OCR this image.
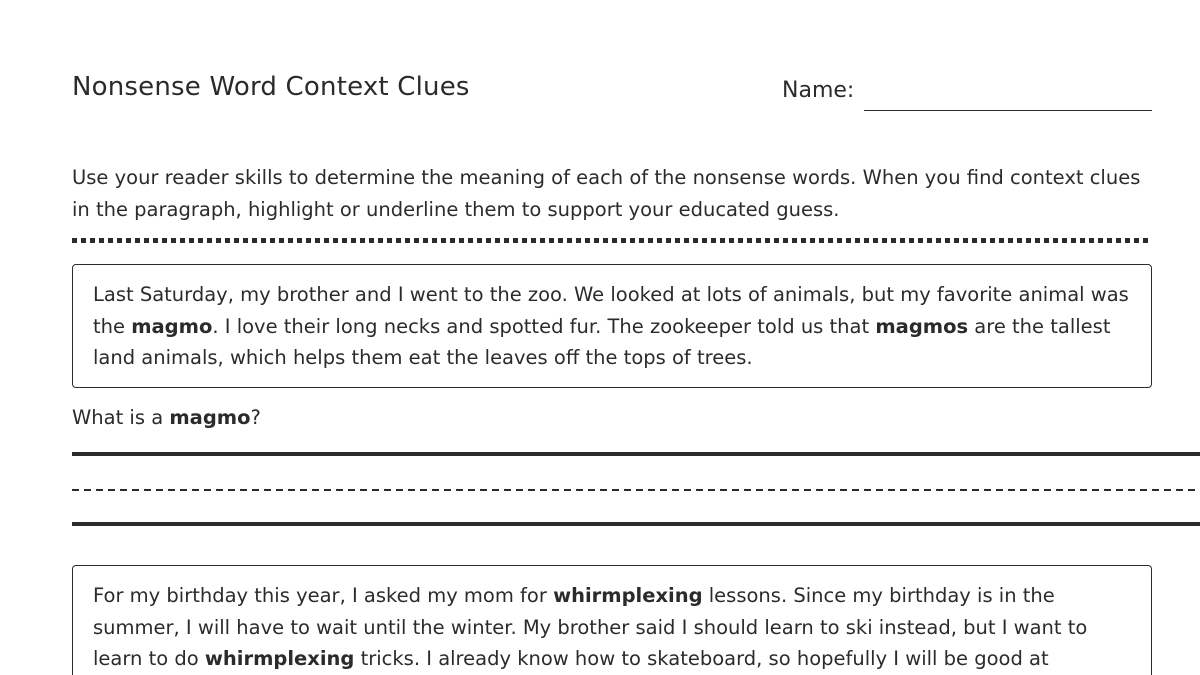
Nonsense Word Context Clues	Name:

Use your reader skills to determine the meaning of each of the nonsense words. When you find context clues in the paragraph, highlight or underline them to support your educated guess.

Last Saturday, my brother and I went to the zoo. We looked at lots of animals, but my favorite animal was the magmo. I love their long necks and spotted fur. The zookeeper told us that magmos are the tallest land animals, which helps them eat the leaves off the tops of trees.

What is a magmo?

For my birthday this year, I asked my mom for whirmplexing lessons. Since my birthday is in the summer, I will have to wait until the winter. My brother said I should learn to ski instead, but I want to learn to do whirmplexing tricks. I already know how to skateboard, so hopefully I will be good at
